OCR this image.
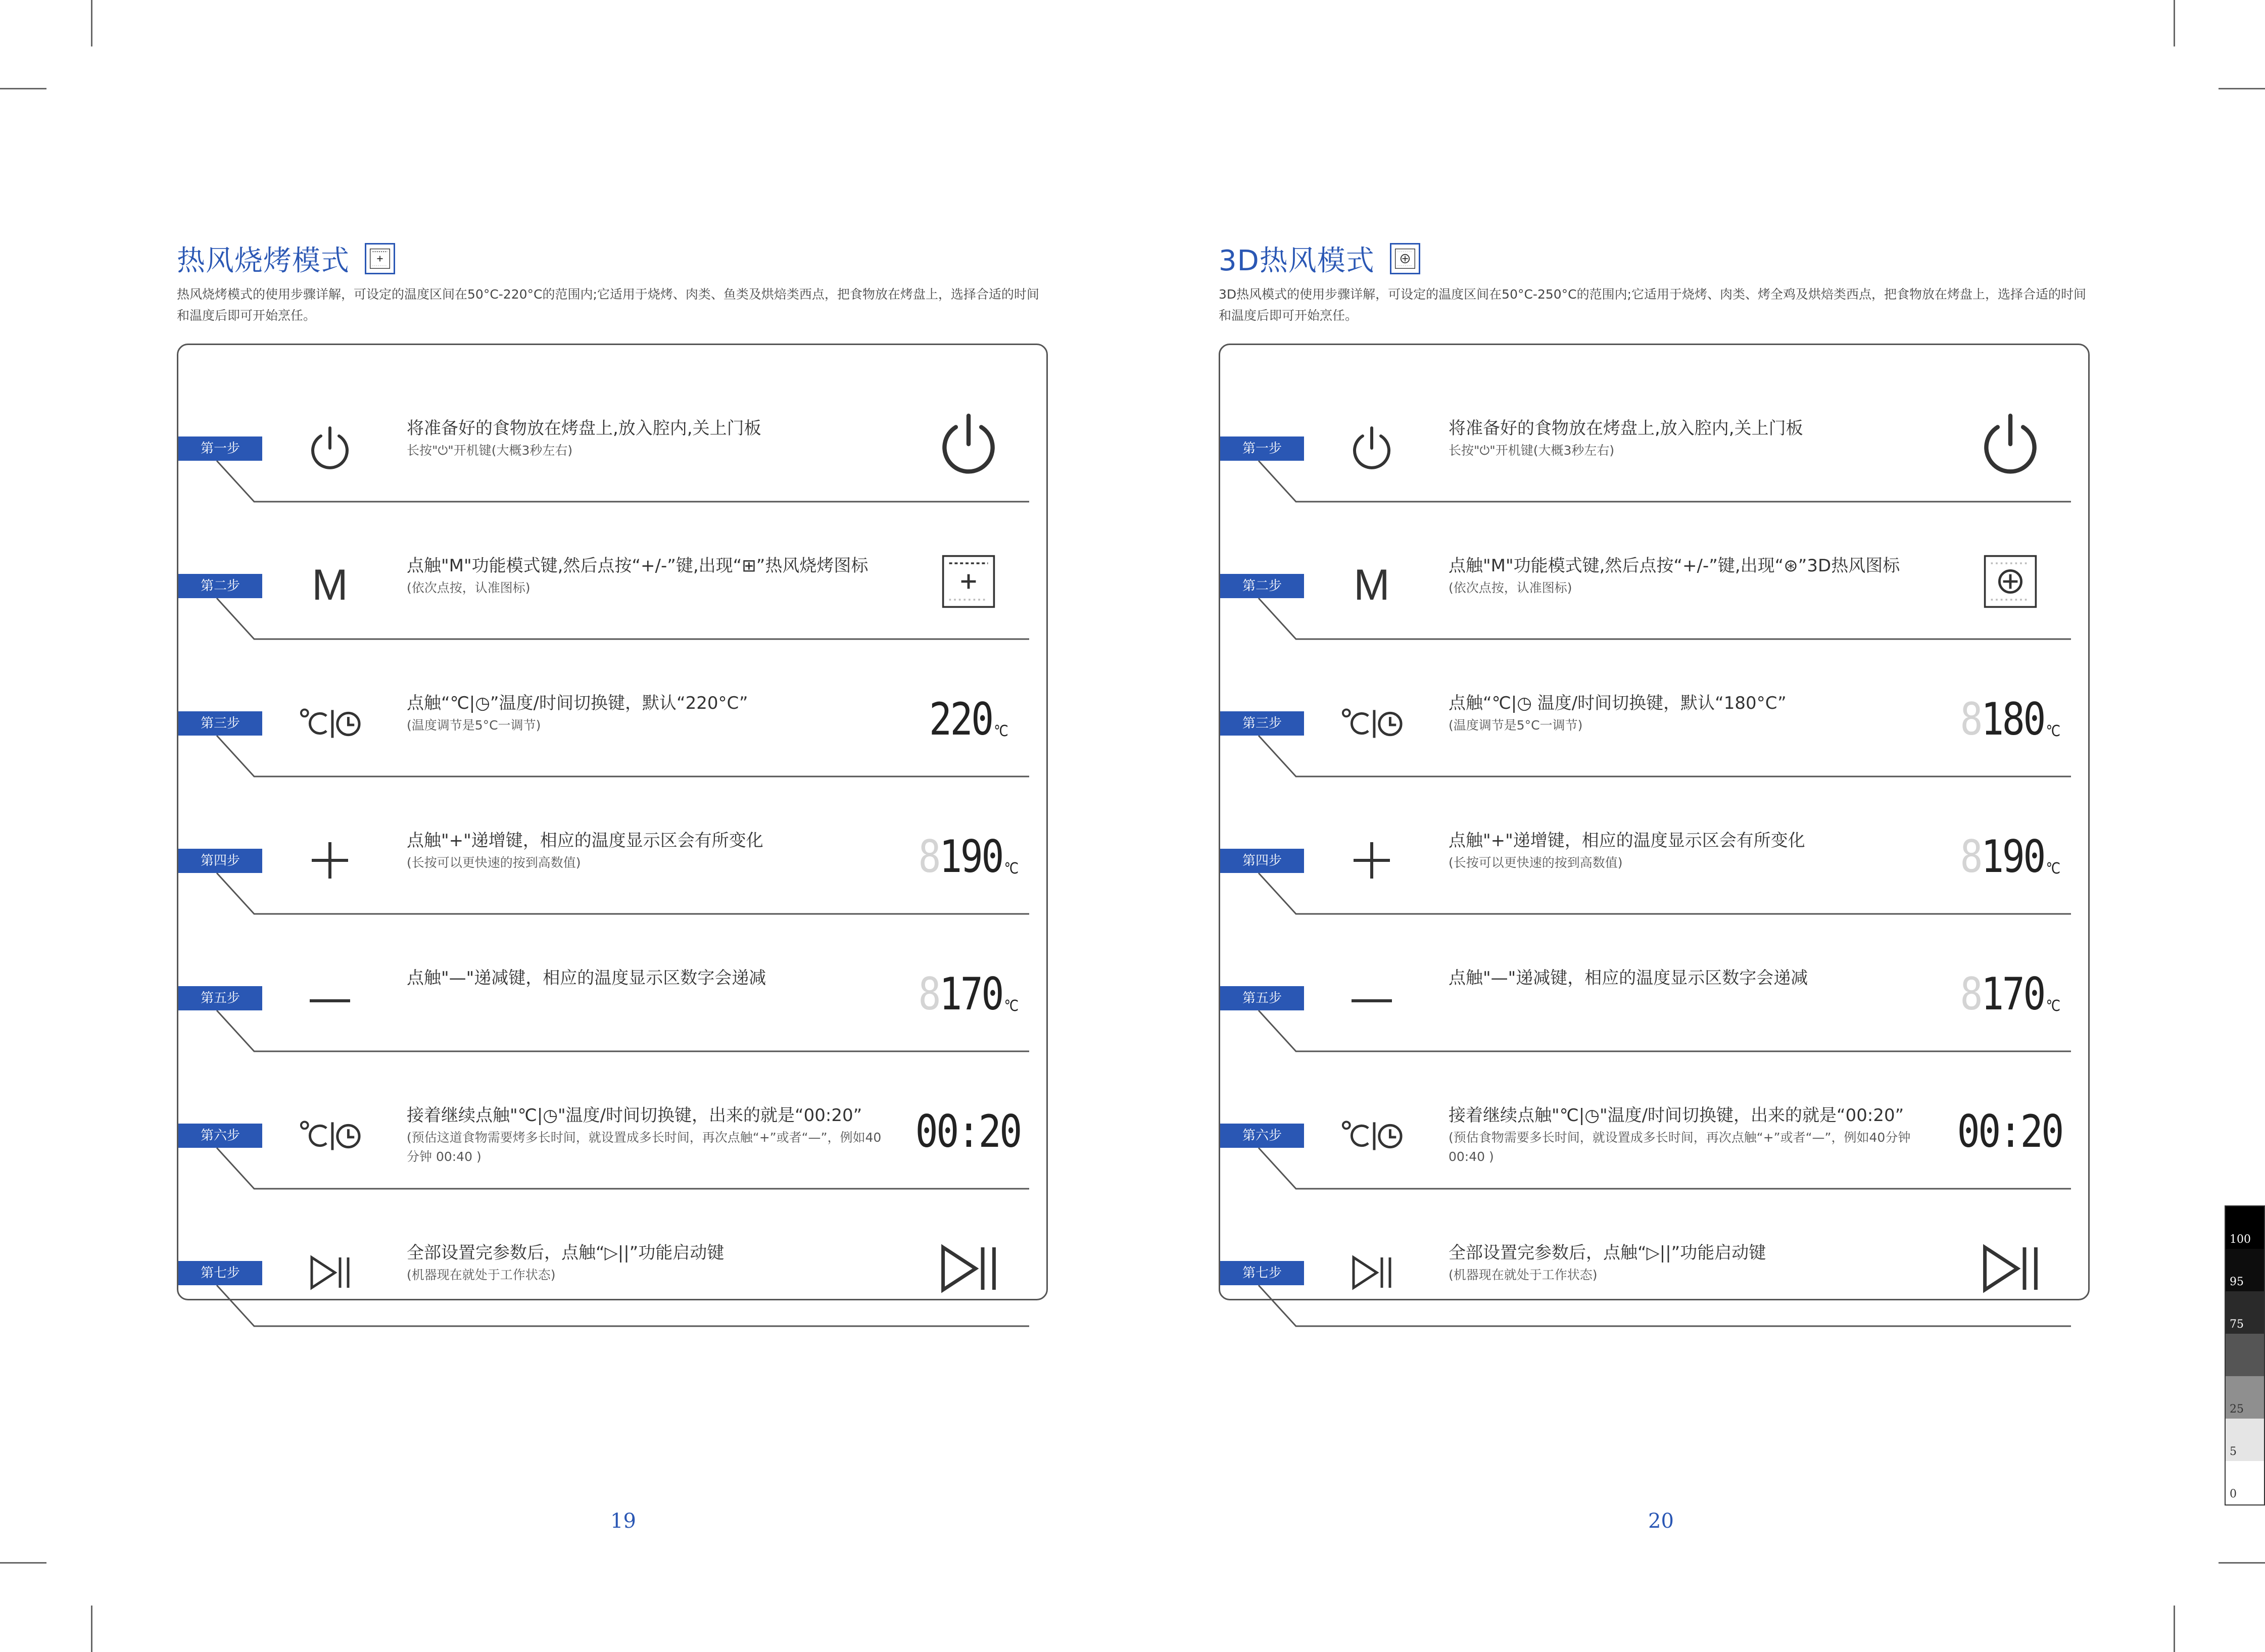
热风烧烤模式
热风烧烤模式的使用步骤详解，可设定的温度区间在50°C-220°C的范围内;它适用于烧烤、肉类、鱼类及烘焙类西点，把食物放在烤盘上，选择合适的时间和温度后即可开始烹任。
第一步
将准备好的食物放在烤盘上,放入腔内,关上门板
长按"⏻"开机键(大概3秒左右)
第二步	M	点触"M"功能模式键,然后点按“+/-”键,出现“⊞”热风烧烤图标
(依次点按，认准图标)
第三步
点触“℃|◷”温度/时间切换键，默认“220°C”
(温度调节是5°C一调节)	220 ℃
第四步
点触"+"递增键，相应的温度显示区会有所变化
(长按可以更快速的按到高数值)	8 190 ℃
第五步
点触"—"递减键，相应的温度显示区数字会递减	8 170 ℃
第六步
接着继续点触"℃|◷"温度/时间切换键，出来的就是“00:20”
(预估这道食物需要烤多长时间，就设置成多长时间，再次点触“+”或者“—”，例如40分钟 00:40 )	00:20
第七步
全部设置完参数后，点触“▷||”功能启动键
(机器现在就处于工作状态)
19
3D热风模式
3D热风模式的使用步骤详解，可设定的温度区间在50°C-250°C的范围内;它适用于烧烤、肉类、烤全鸡及烘焙类西点，把食物放在烤盘上，选择合适的时间和温度后即可开始烹任。
第一步
将准备好的食物放在烤盘上,放入腔内,关上门板
长按"⏻"开机键(大概3秒左右)
第二步	M	点触"M"功能模式键,然后点按“+/-”键,出现“⊛”3D热风图标
(依次点按，认准图标)
第三步
点触“℃|◷ 温度/时间切换键，默认“180°C”
(温度调节是5°C一调节)	8 180 ℃
第四步
点触"+"递增键，相应的温度显示区会有所变化
(长按可以更快速的按到高数值)	8 190 ℃
第五步
点触"—"递减键，相应的温度显示区数字会递减	8 170 ℃
第六步
接着继续点触"℃|◷"温度/时间切换键，出来的就是“00:20”
(预估食物需要多长时间，就设置成多长时间，再次点触“+”或者“—”，例如40分钟 00:40 )	00:20
第七步
全部设置完参数后，点触“▷||”功能启动键
(机器现在就处于工作状态)
20
100
95
75
25
5
0
